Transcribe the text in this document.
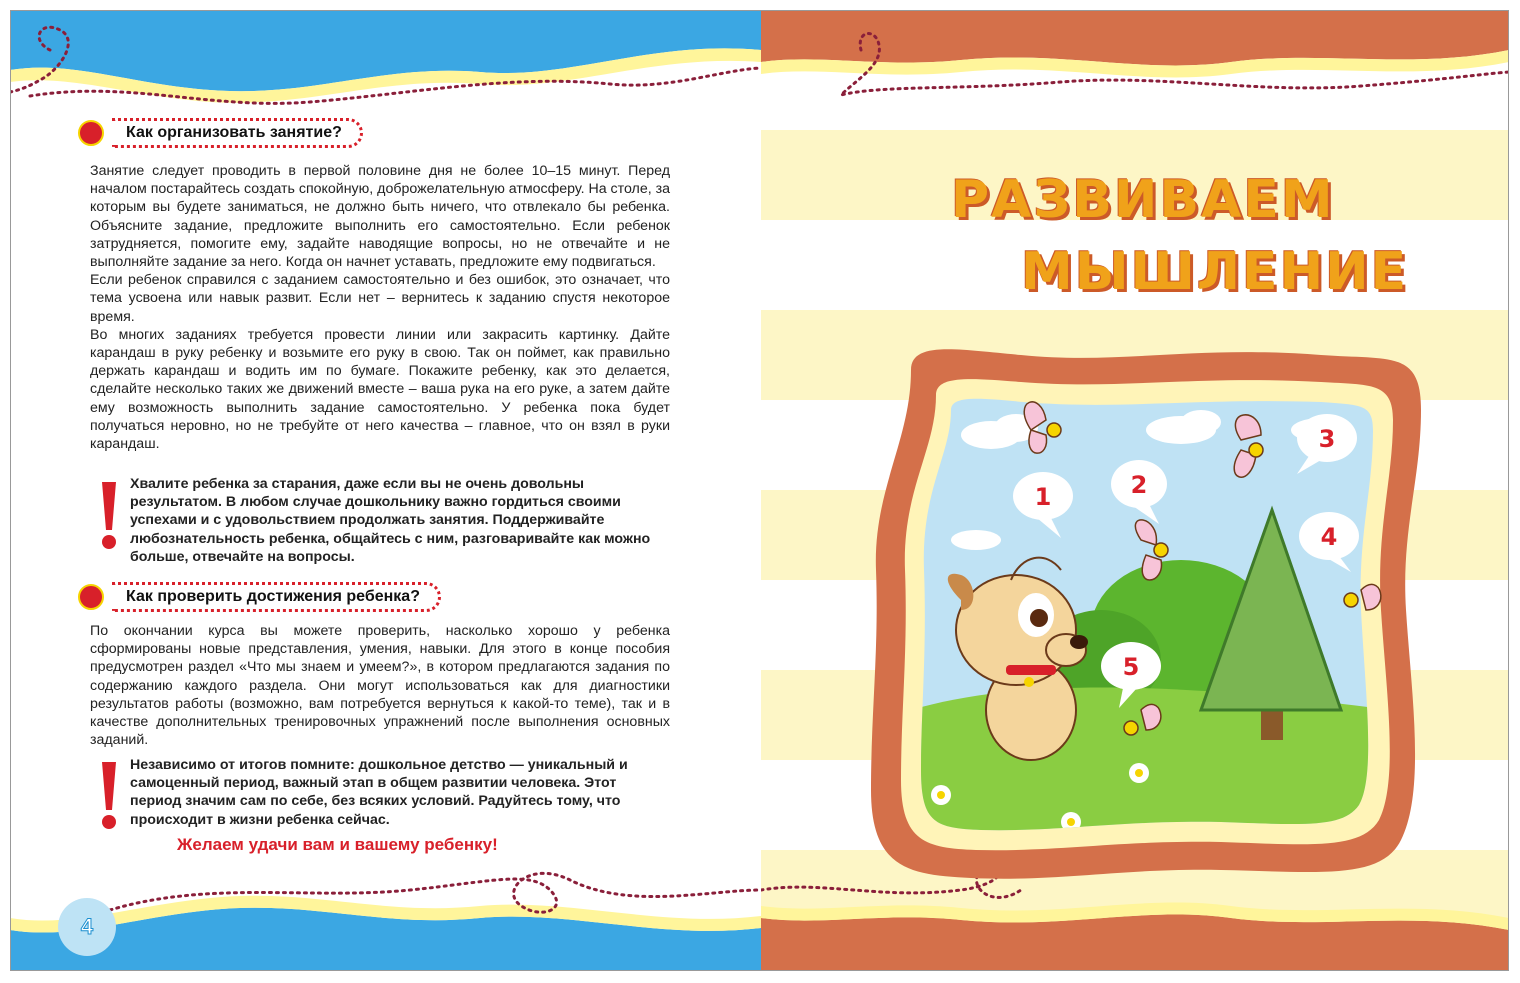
Как организовать занятие?

Занятие следует проводить в первой половине дня не более 10–15 минут. Перед началом постарайтесь создать спокойную, доброжелательную атмосферу. На столе, за которым вы будете заниматься, не должно быть ничего, что отвлекало бы ребенка. Объясните задание, предложите выполнить его самостоятельно. Если ребенок затрудняется, помогите ему, задайте наводящие вопросы, но не отвечайте и не выполняйте задание за него. Когда он начнет уставать, предложите ему подвигаться.

Если ребенок справился с заданием самостоятельно и без ошибок, это означает, что тема усвоена или навык развит. Если нет – вернитесь к заданию спустя некоторое время.

Во многих заданиях требуется провести линии или закрасить картинку. Дайте карандаш в руку ребенку и возьмите его руку в свою. Так он поймет, как правильно держать карандаш и водить им по бумаге. Покажите ребенку, как это делается, сделайте несколько таких же движений вместе – ваша рука на его руке, а затем дайте ему возможность выполнить задание самостоятельно. У ребенка пока будет получаться неровно, но не требуйте от него качества – главное, что он взял в руки карандаш.

Хвалите ребенка за старания, даже если вы не очень довольны результатом. В любом случае дошкольнику важно гордиться своими успехами и с удовольствием продолжать занятия. Поддерживайте любознательность ребенка, общайтесь с ним, разговаривайте как можно больше, отвечайте на вопросы.
Как проверить достижения ребенка?
По окончании курса вы можете проверить, насколько хорошо у ребенка сформированы новые представления, умения, навыки. Для этого в конце пособия предусмотрен раздел «Что мы знаем и умеем?», в котором предлагаются задания по содержанию каждого раздела. Они могут использоваться как для диагностики результатов работы (возможно, вам потребуется вернуться к какой-то теме), так и в качестве дополнительных тренировочных упражнений после выполнения основных заданий.
Независимо от итогов помните: дошкольное детство — уникальный и самоценный период, важный этап в общем развитии человека. Этот период значим сам по себе, без всяких условий. Радуйтесь тому, что происходит в жизни ребенка сейчас.
Желаем удачи вам и вашему ребенку!
4
1	2
3
4
5
РАЗВИВАЕМ
МЫШЛЕНИЕ
